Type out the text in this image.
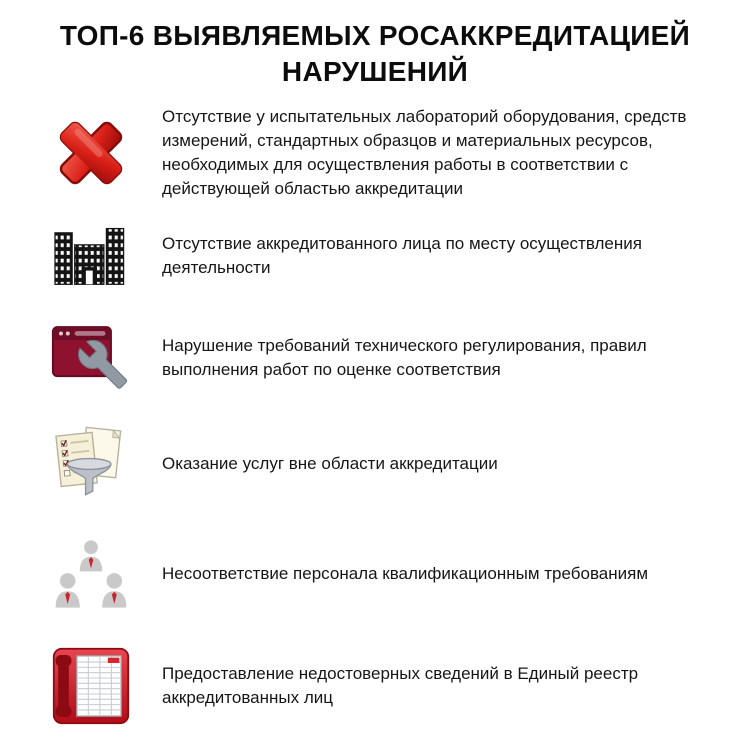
ТОП-6 ВЫЯВЛЯЕМЫХ РОСАККРЕДИТАЦИЕЙ
НАРУШЕНИЙ

Отсутствие у испытательных лабораторий оборудования, средств измерений, стандартных образцов и материальных ресурсов, необходимых для осуществления работы в соответствии с действующей областью аккредитации

Отсутствие аккредитованного лица по месту осуществления деятельности

Нарушение требований технического регулирования, правил выполнения работ по оценке соответствия

Оказание услуг вне области аккредитации

Несоответствие персонала квалификационным требованиям

Предоставление недостоверных сведений в Единый реестр аккредитованных лиц
